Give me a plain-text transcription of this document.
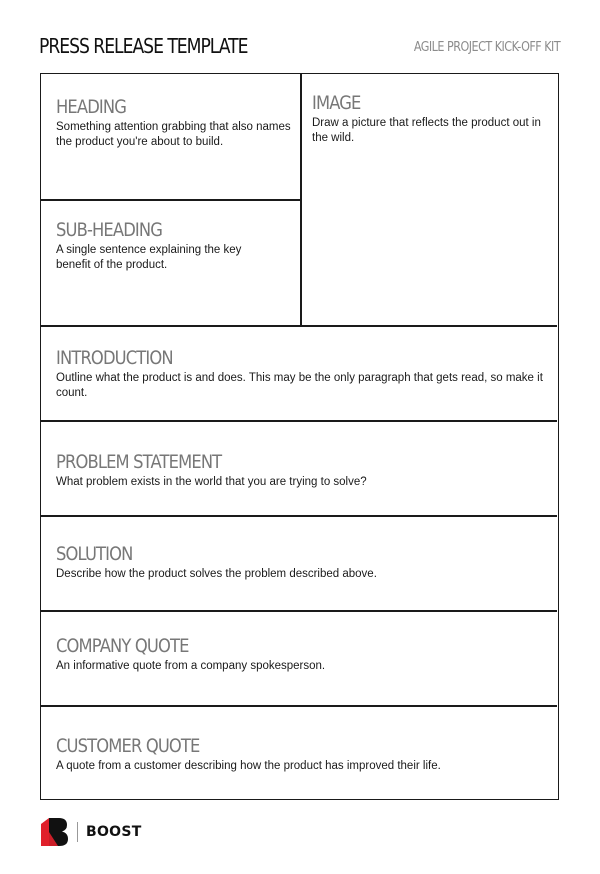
PRESS RELEASE TEMPLATE	AGILE PROJECT KICK-OFF KIT

HEADING

Something attention grabbing that also names the product you're about to build.

SUB-HEADING

A single sentence explaining the key benefit of the product.

IMAGE

Draw a picture that reflects the product out in the wild.

INTRODUCTION

Outline what the product is and does. This may be the only paragraph that gets read, so make it count.

PROBLEM STATEMENT

What problem exists in the world that you are trying to solve?

SOLUTION

Describe how the product solves the problem described above.

COMPANY QUOTE

An informative quote from a company spokesperson.

CUSTOMER QUOTE

A quote from a customer describing how the product has improved their life.

BOOST
